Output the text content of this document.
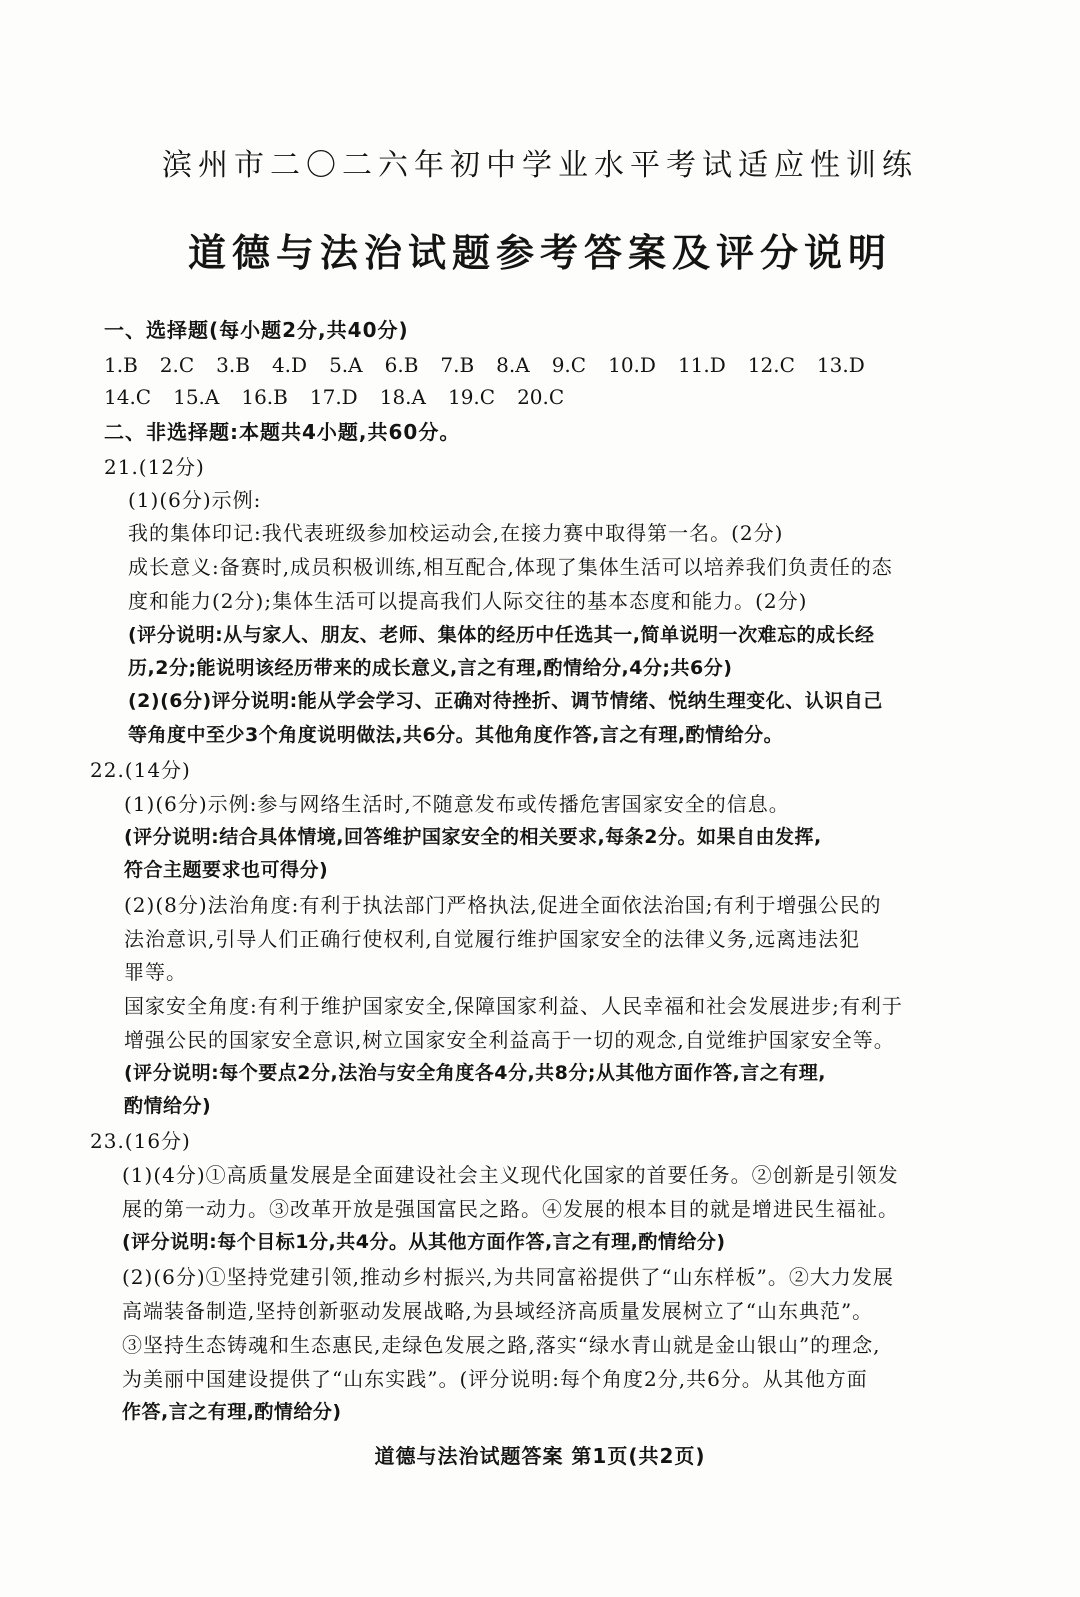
滨州市二〇二六年初中学业水平考试适应性训练
道德与法治试题参考答案及评分说明
一、选择题(每小题2分,共40分)
1.B 2.C 3.B 4.D 5.A 6.B 7.B 8.A 9.C 10.D 11.D 12.C 13.D
14.C 15.A 16.B 17.D 18.A 19.C 20.C
二、非选择题:本题共4小题,共60分。
21.(12分)
(1)(6分)示例:
我的集体印记:我代表班级参加校运动会,在接力赛中取得第一名。(2分)
成长意义:备赛时,成员积极训练,相互配合,体现了集体生活可以培养我们负责任的态
度和能力(2分);集体生活可以提高我们人际交往的基本态度和能力。(2分)
(评分说明:从与家人、朋友、老师、集体的经历中任选其一,简单说明一次难忘的成长经
历,2分;能说明该经历带来的成长意义,言之有理,酌情给分,4分;共6分)
(2)(6分)评分说明:能从学会学习、正确对待挫折、调节情绪、悦纳生理变化、认识自己
等角度中至少3个角度说明做法,共6分。其他角度作答,言之有理,酌情给分。
22.(14分)
(1)(6分)示例:参与网络生活时,不随意发布或传播危害国家安全的信息。
(评分说明:结合具体情境,回答维护国家安全的相关要求,每条2分。如果自由发挥,
符合主题要求也可得分)
(2)(8分)法治角度:有利于执法部门严格执法,促进全面依法治国;有利于增强公民的
法治意识,引导人们正确行使权利,自觉履行维护国家安全的法律义务,远离违法犯
罪等。
国家安全角度:有利于维护国家安全,保障国家利益、人民幸福和社会发展进步;有利于
增强公民的国家安全意识,树立国家安全利益高于一切的观念,自觉维护国家安全等。
(评分说明:每个要点2分,法治与安全角度各4分,共8分;从其他方面作答,言之有理,
酌情给分)
23.(16分)
(1)(4分)①高质量发展是全面建设社会主义现代化国家的首要任务。②创新是引领发
展的第一动力。③改革开放是强国富民之路。④发展的根本目的就是增进民生福祉。
(评分说明:每个目标1分,共4分。从其他方面作答,言之有理,酌情给分)
(2)(6分)①坚持党建引领,推动乡村振兴,为共同富裕提供了“山东样板”。②大力发展
高端装备制造,坚持创新驱动发展战略,为县域经济高质量发展树立了“山东典范”。
③坚持生态铸魂和生态惠民,走绿色发展之路,落实“绿水青山就是金山银山”的理念,
为美丽中国建设提供了“山东实践”。(评分说明:每个角度2分,共6分。从其他方面
作答,言之有理,酌情给分)
道德与法治试题答案 第1页(共2页)
